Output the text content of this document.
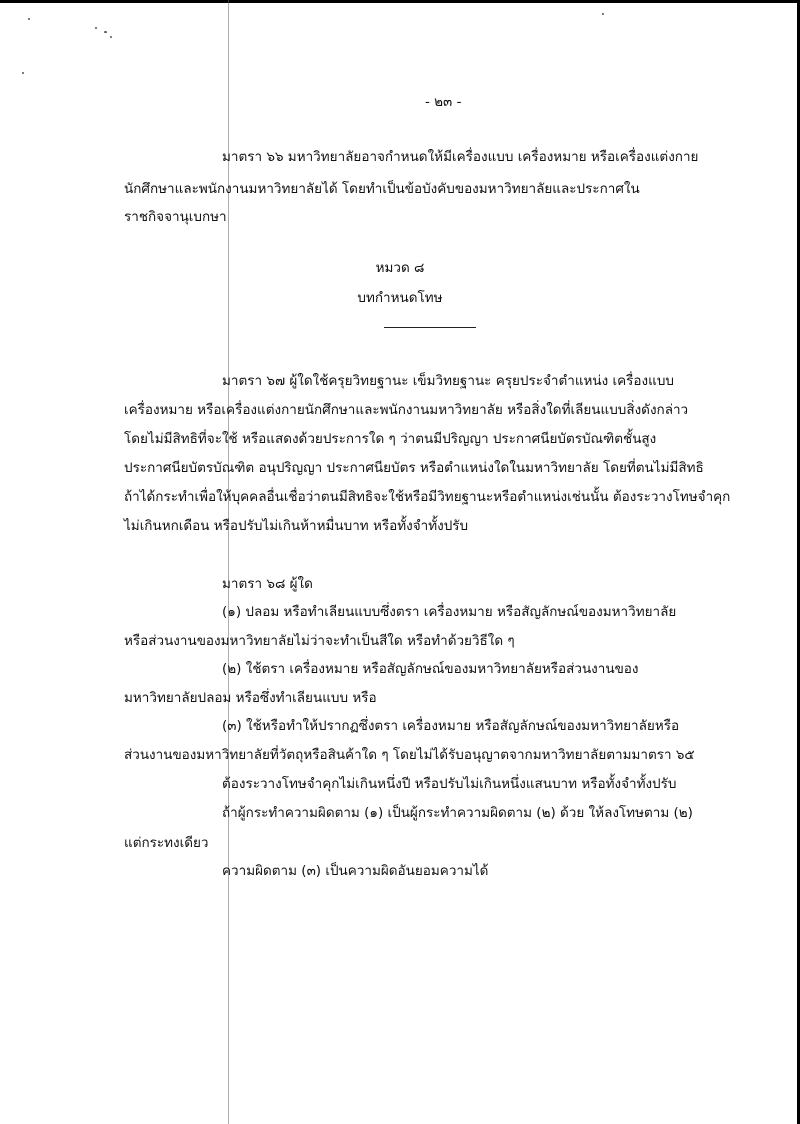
- ๒๓ -
มาตรา ๖๖ มหาวิทยาลัยอาจกำหนดให้มีเครื่องแบบ เครื่องหมาย หรือเครื่องแต่งกาย
นักศึกษาและพนักงานมหาวิทยาลัยได้ โดยทำเป็นข้อบังคับของมหาวิทยาลัยและประกาศใน
ราชกิจจานุเบกษา
หมวด ๘
บทกำหนดโทษ
มาตรา ๖๗ ผู้ใดใช้ครุยวิทยฐานะ เข็มวิทยฐานะ ครุยประจำตำแหน่ง เครื่องแบบ
เครื่องหมาย หรือเครื่องแต่งกายนักศึกษาและพนักงานมหาวิทยาลัย หรือสิ่งใดที่เลียนแบบสิ่งดังกล่าว
โดยไม่มีสิทธิที่จะใช้ หรือแสดงด้วยประการใด ๆ ว่าตนมีปริญญา ประกาศนียบัตรบัณฑิตชั้นสูง
ประกาศนียบัตรบัณฑิต อนุปริญญา ประกาศนียบัตร หรือตำแหน่งใดในมหาวิทยาลัย โดยที่ตนไม่มีสิทธิ
ถ้าได้กระทำเพื่อให้บุคคลอื่นเชื่อว่าตนมีสิทธิจะใช้หรือมีวิทยฐานะหรือตำแหน่งเช่นนั้น ต้องระวางโทษจำคุก
ไม่เกินหกเดือน หรือปรับไม่เกินห้าหมื่นบาท หรือทั้งจำทั้งปรับ
มาตรา ๖๘ ผู้ใด
(๑) ปลอม หรือทำเลียนแบบซึ่งตรา เครื่องหมาย หรือสัญลักษณ์ของมหาวิทยาลัย
หรือส่วนงานของมหาวิทยาลัยไม่ว่าจะทำเป็นสีใด หรือทำด้วยวิธีใด ๆ
(๒) ใช้ตรา เครื่องหมาย หรือสัญลักษณ์ของมหาวิทยาลัยหรือส่วนงานของ
มหาวิทยาลัยปลอม หรือซึ่งทำเลียนแบบ หรือ
(๓) ใช้หรือทำให้ปรากฏซึ่งตรา เครื่องหมาย หรือสัญลักษณ์ของมหาวิทยาลัยหรือ
ส่วนงานของมหาวิทยาลัยที่วัตถุหรือสินค้าใด ๆ โดยไม่ได้รับอนุญาตจากมหาวิทยาลัยตามมาตรา ๖๕
ต้องระวางโทษจำคุกไม่เกินหนึ่งปี หรือปรับไม่เกินหนึ่งแสนบาท หรือทั้งจำทั้งปรับ
ถ้าผู้กระทำความผิดตาม (๑) เป็นผู้กระทำความผิดตาม (๒) ด้วย ให้ลงโทษตาม (๒)
แต่กระทงเดียว
ความผิดตาม (๓) เป็นความผิดอันยอมความได้
